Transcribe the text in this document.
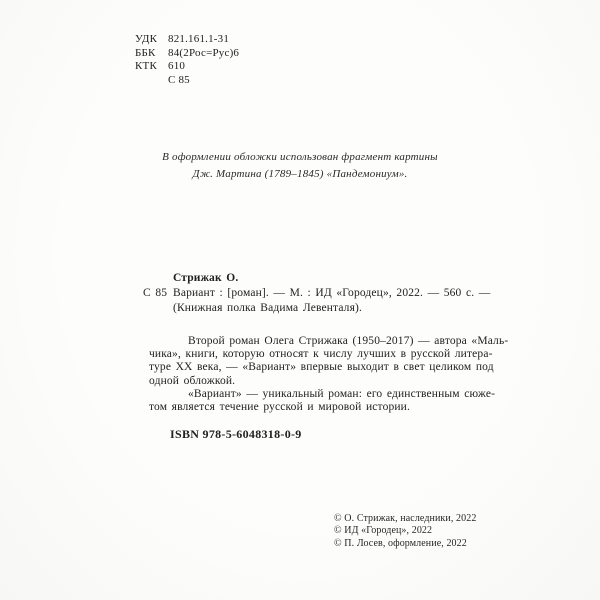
УДК 821.161.1-31
ББК	84(2Рос=Рус)6
КТК	610
С 85
В оформлении обложки использован фрагмент картины
Дж. Мартина (1789–1845) «Пандемониум».
Стрижак О.
С 85 Вариант : [роман]. — М. : ИД «Городец», 2022. — 560 с. —
(Книжная полка Вадима Левенталя).
Второй роман Олега Стрижака (1950–2017) — автора «Маль-
чика», книги, которую относят к числу лучших в русской литера-
туре XX века, — «Вариант» впервые выходит в свет целиком под
одной обложкой.
«Вариант» — уникальный роман: его единственным сюже-
том является течение русской и мировой истории.
ISBN 978-5-6048318-0-9
© О. Стрижак, наследники, 2022
© ИД «Городец», 2022
© П. Лосев, оформление, 2022
